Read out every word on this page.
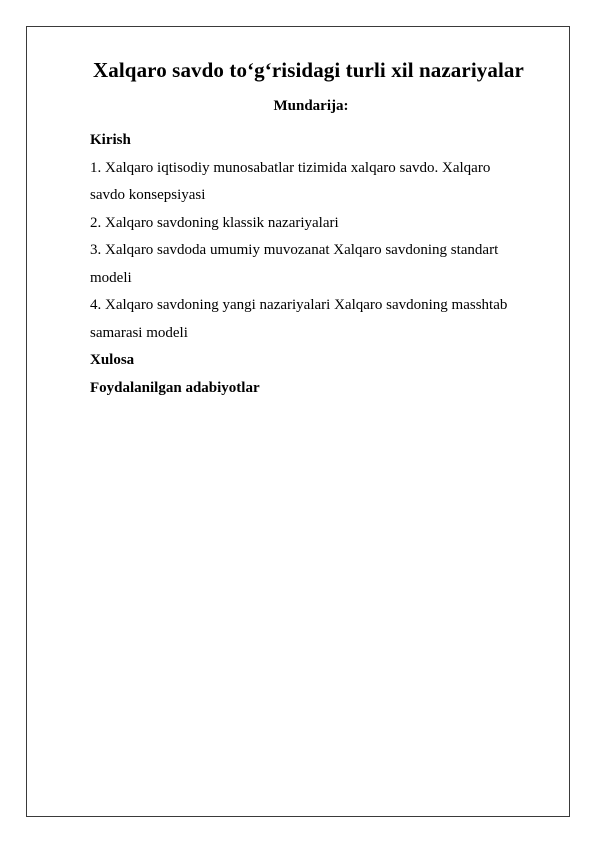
Xalqaro savdo to‘g‘risidagi turli xil nazariyalar
Mundarija:
Kirish
1. Xalqaro iqtisodiy munosabatlar tizimida xalqaro savdo. Xalqaro
savdo konsepsiyasi
2. Xalqaro savdoning klassik nazariyalari
3. Xalqaro savdoda umumiy muvozanat Xalqaro savdoning standart
modeli
4. Xalqaro savdoning yangi nazariyalari Xalqaro savdoning masshtab
samarasi modeli
Xulosa
Foydalanilgan adabiyotlar
